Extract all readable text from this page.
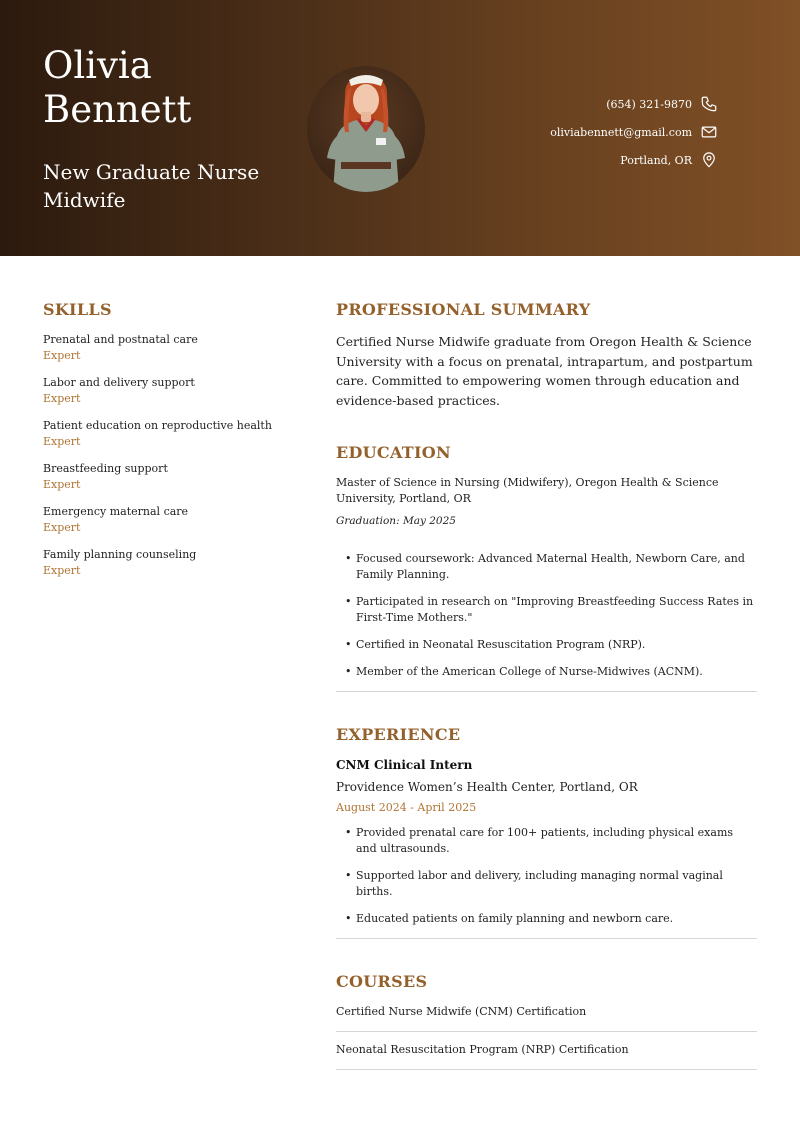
Olivia
Bennett
New Graduate Nurse Midwife
(654) 321-9870
oliviabennett@gmail.com
Portland, OR
SKILLS
Prenatal and postnatal care
Expert
Labor and delivery support
Expert
Patient education on reproductive health
Expert
Breastfeeding support
Expert
Emergency maternal care
Expert
Family planning counseling
Expert
PROFESSIONAL SUMMARY

Certified Nurse Midwife graduate from Oregon Health & Science University with a focus on prenatal, intrapartum, and postpartum care. Committed to empowering women through education and evidence-based practices.

EDUCATION
Master of Science in Nursing (Midwifery), Oregon Health & Science University, Portland, OR
Graduation: May 2025
• Focused coursework: Advanced Maternal Health, Newborn Care, and Family Planning.
• Participated in research on "Improving Breastfeeding Success Rates in First-Time Mothers."
• Certified in Neonatal Resuscitation Program (NRP).
• Member of the American College of Nurse-Midwives (ACNM).
EXPERIENCE
CNM Clinical Intern
Providence Women’s Health Center, Portland, OR
August 2024 - April 2025
• Provided prenatal care for 100+ patients, including physical exams and ultrasounds.
• Supported labor and delivery, including managing normal vaginal births.
• Educated patients on family planning and newborn care.
COURSES
Certified Nurse Midwife (CNM) Certification
Neonatal Resuscitation Program (NRP) Certification
